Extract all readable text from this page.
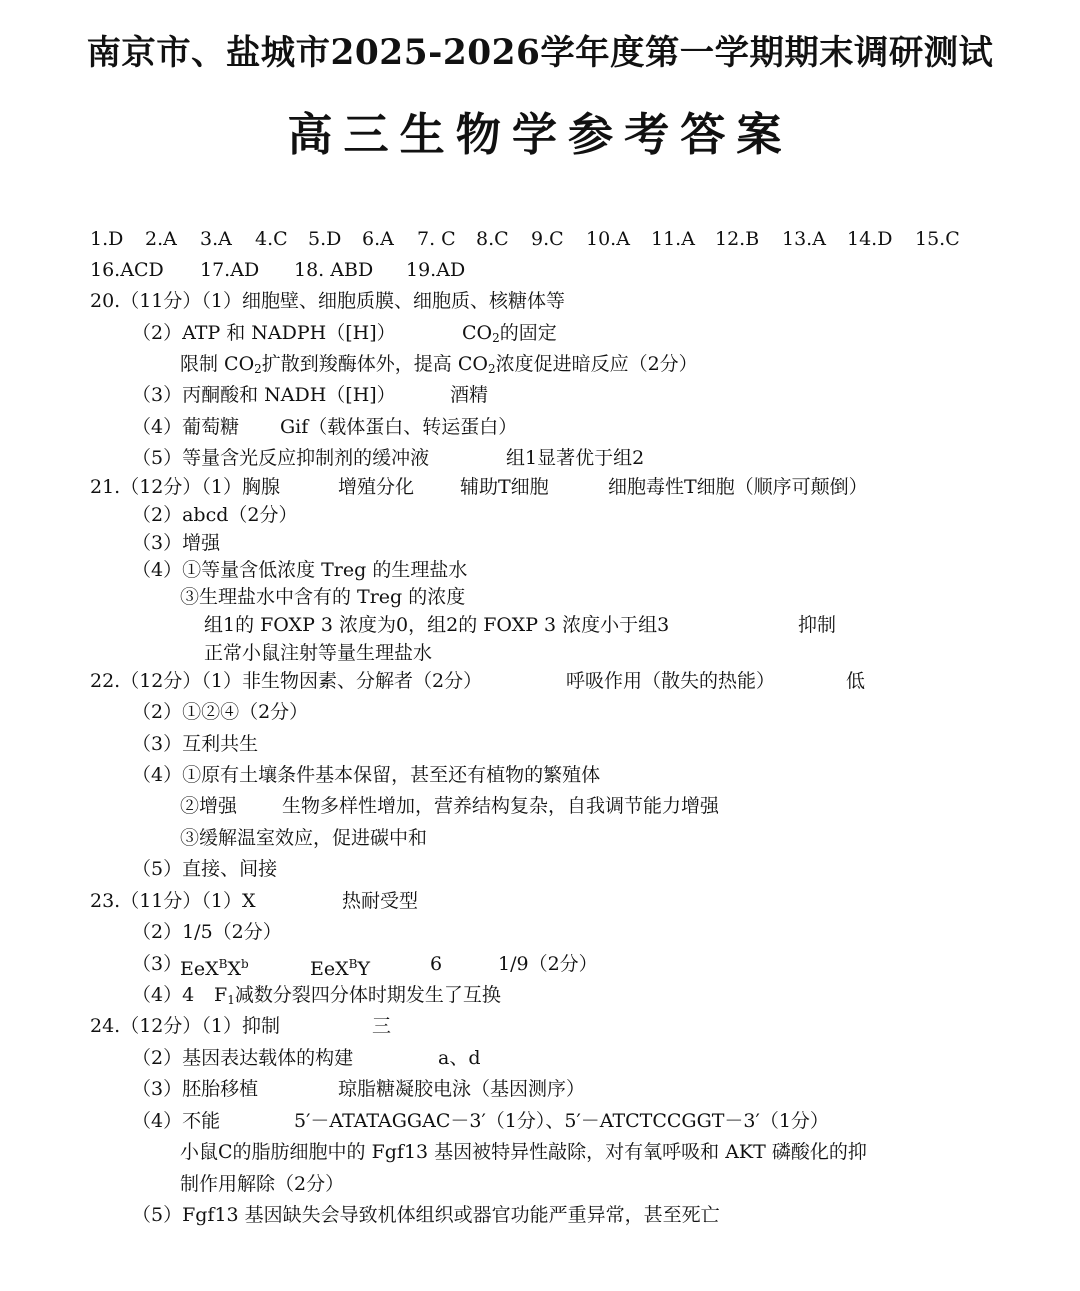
南京市、盐城市2025-2026学年度第一学期期末调研测试
高三生物学参考答案
1.D 2.A 3.A 4.C 5.D 6.A 7. C 8.C 9.C 10.A 11.A 12.B 13.A 14.D 15.C
16.ACD 17.AD 18. ABD 19.AD
20.（11分）（1）细胞壁、细胞质膜、细胞质、核糖体等
（2）ATP 和 NADPH（[H]）	$CO_2$的固定
限制 $CO_2$扩散到羧酶体外，提高 $CO_2$浓度促进暗反应（2分）
（3）丙酮酸和 NADH（[H]）	酒精
（4）葡萄糖 Gif（载体蛋白、转运蛋白）
（5）等量含光反应抑制剂的缓冲液	组1显著优于组2
21.（12分）（1）胸腺	增殖分化 辅助T细胞	细胞毒性T细胞（顺序可颠倒）
（2）abcd（2分）
（3）增强
（4）①等量含低浓度 Treg 的生理盐水
③生理盐水中含有的 Treg 的浓度
组1的 FOXP 3 浓度为0，组2的 FOXP 3 浓度小于组3	抑制
正常小鼠注射等量生理盐水
22.（12分）（1）非生物因素、分解者（2分）	呼吸作用（散失的热能）	低
（2）①②④（2分）
（3）互利共生
（4）①原有土壤条件基本保留，甚至还有植物的繁殖体
②增强 生物多样性增加，营养结构复杂，自我调节能力增强
③缓解温室效应，促进碳中和
（5）直接、间接
23.（11分）（1）X	热耐受型
（2）1/5（2分）
（3）
$EeX^BX^b$	EeX$^B$Y	6	1/9（2分）
（4）4 $F_1$减数分裂四分体时期发生了互换
24.（12分）（1）抑制	三
（2）基因表达载体的构建	a、d
（3）胚胎移植	琼脂糖凝胶电泳（基因测序）
（4）不能	5′－ATATAGGAC－3′（1分）、5′－ATCTCCGGT－3′（1分）
小鼠C的脂肪细胞中的 Fgf13 基因被特异性敲除，对有氧呼吸和 AKT 磷酸化的抑
制作用解除（2分）
（5）Fgf13 基因缺失会导致机体组织或器官功能严重异常，甚至死亡
